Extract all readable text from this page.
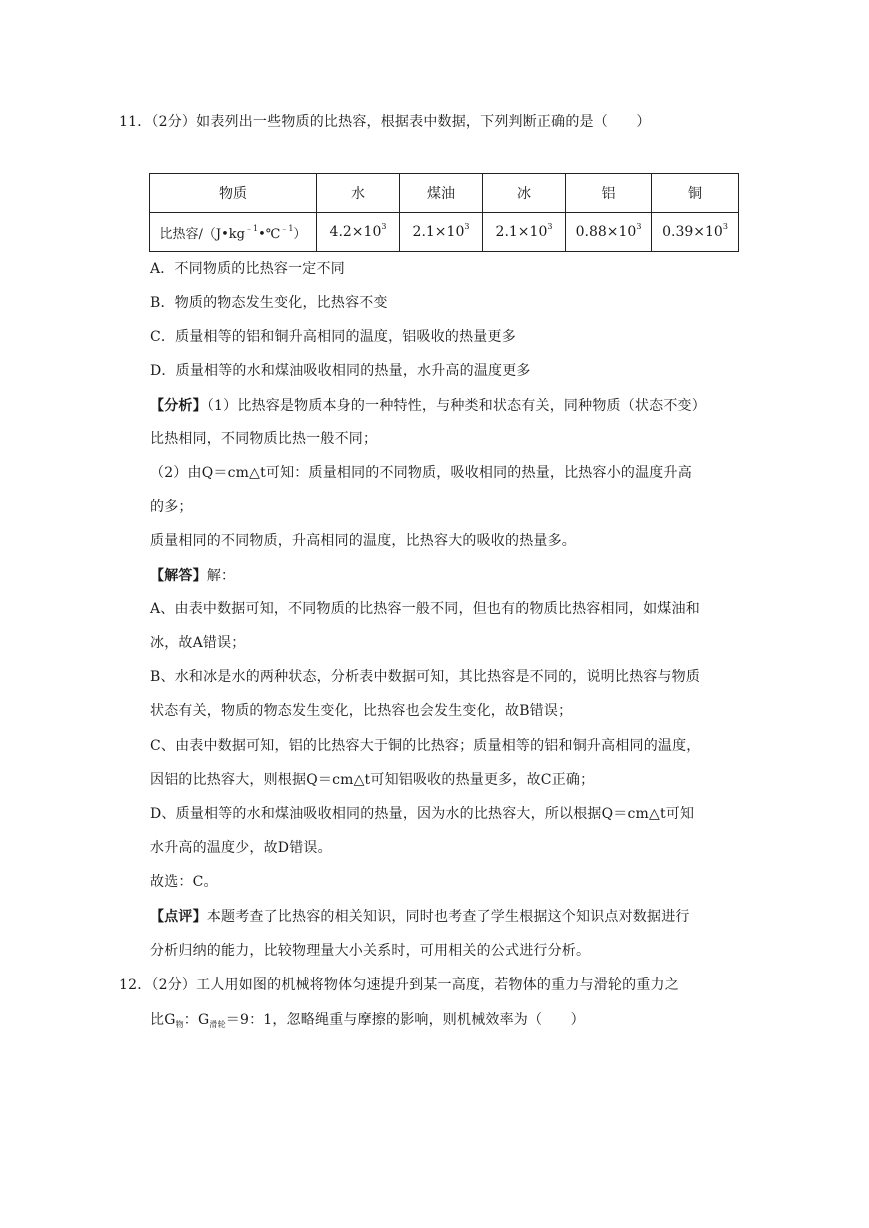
11．（2分）如表列出一些物质的比热容，根据表中数据，下列判断正确的是（　　）
物质	水	煤油	冰	铝	铜
比热容$/(J•kg^{﹣1}•℃^{﹣1})$	$4.2\times 10^3$	$2.1\times 10^3$	$2.1\times 10^3$	$0.88\times 10^3$	$0.39\times 10^3$
A．不同物质的比热容一定不同
B．物质的物态发生变化，比热容不变
C．质量相等的铝和铜升高相同的温度，铝吸收的热量更多
D．质量相等的水和煤油吸收相同的热量，水升高的温度更多
【分析】（1）比热容是物质本身的一种特性，与种类和状态有关，同种物质（状态不变）
比热相同，不同物质比热一般不同；
（2）由Q＝cm△t可知：质量相同的不同物质，吸收相同的热量，比热容小的温度升高
的多；
质量相同的不同物质，升高相同的温度，比热容大的吸收的热量多。
【解答】解：
A、由表中数据可知，不同物质的比热容一般不同，但也有的物质比热容相同，如煤油和
冰，故A错误；
B、水和冰是水的两种状态，分析表中数据可知，其比热容是不同的，说明比热容与物质
状态有关，物质的物态发生变化，比热容也会发生变化，故B错误；
C、由表中数据可知，铝的比热容大于铜的比热容；质量相等的铝和铜升高相同的温度，
因铝的比热容大，则根据Q＝cm△t可知铝吸收的热量更多，故C正确；
D、质量相等的水和煤油吸收相同的热量，因为水的比热容大，所以根据Q＝cm△t可知
水升高的温度少，故D错误。
故选：C。
【点评】本题考查了比热容的相关知识，同时也考查了学生根据这个知识点对数据进行
分析归纳的能力，比较物理量大小关系时，可用相关的公式进行分析。
12．（2分）工人用如图的机械将物体匀速提升到某一高度，若物体的重力与滑轮的重力之
比$G_物$：$G_{滑轮}=9$：1，忽略绳重与摩擦的影响，则机械效率为（　　）
